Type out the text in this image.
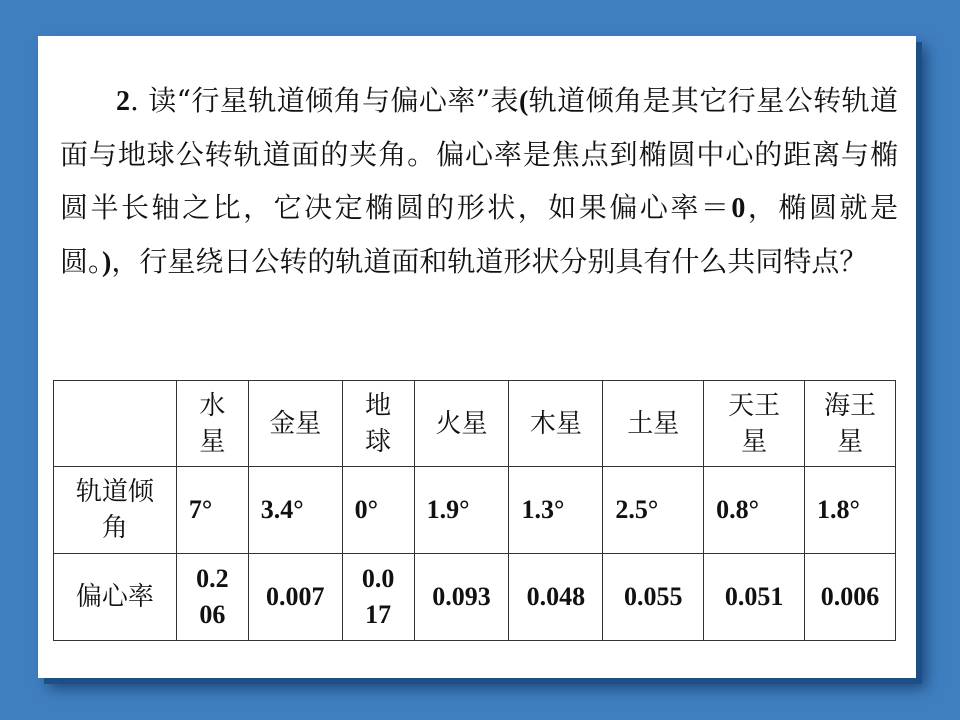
2. 读“行星轨道倾角与偏心率”表(轨道倾角是其它行星公转轨道面与地球公转轨道面的夹角。偏心率是焦点到椭圆中心的距离与椭圆半长轴之比，它决定椭圆的形状，如果偏心率＝0，椭圆就是圆。)，行星绕日公转的轨道面和轨道形状分别具有什么共同特点？
	水星	金星	地球	火星	木星	土星	天王星	海王星
轨道倾角	7°	3.4°	0°	1.9°	1.3°	2.5°	0.8°	1.8°
偏心率	0.206	0.007	0.017	0.093	0.048	0.055	0.051	0.006
